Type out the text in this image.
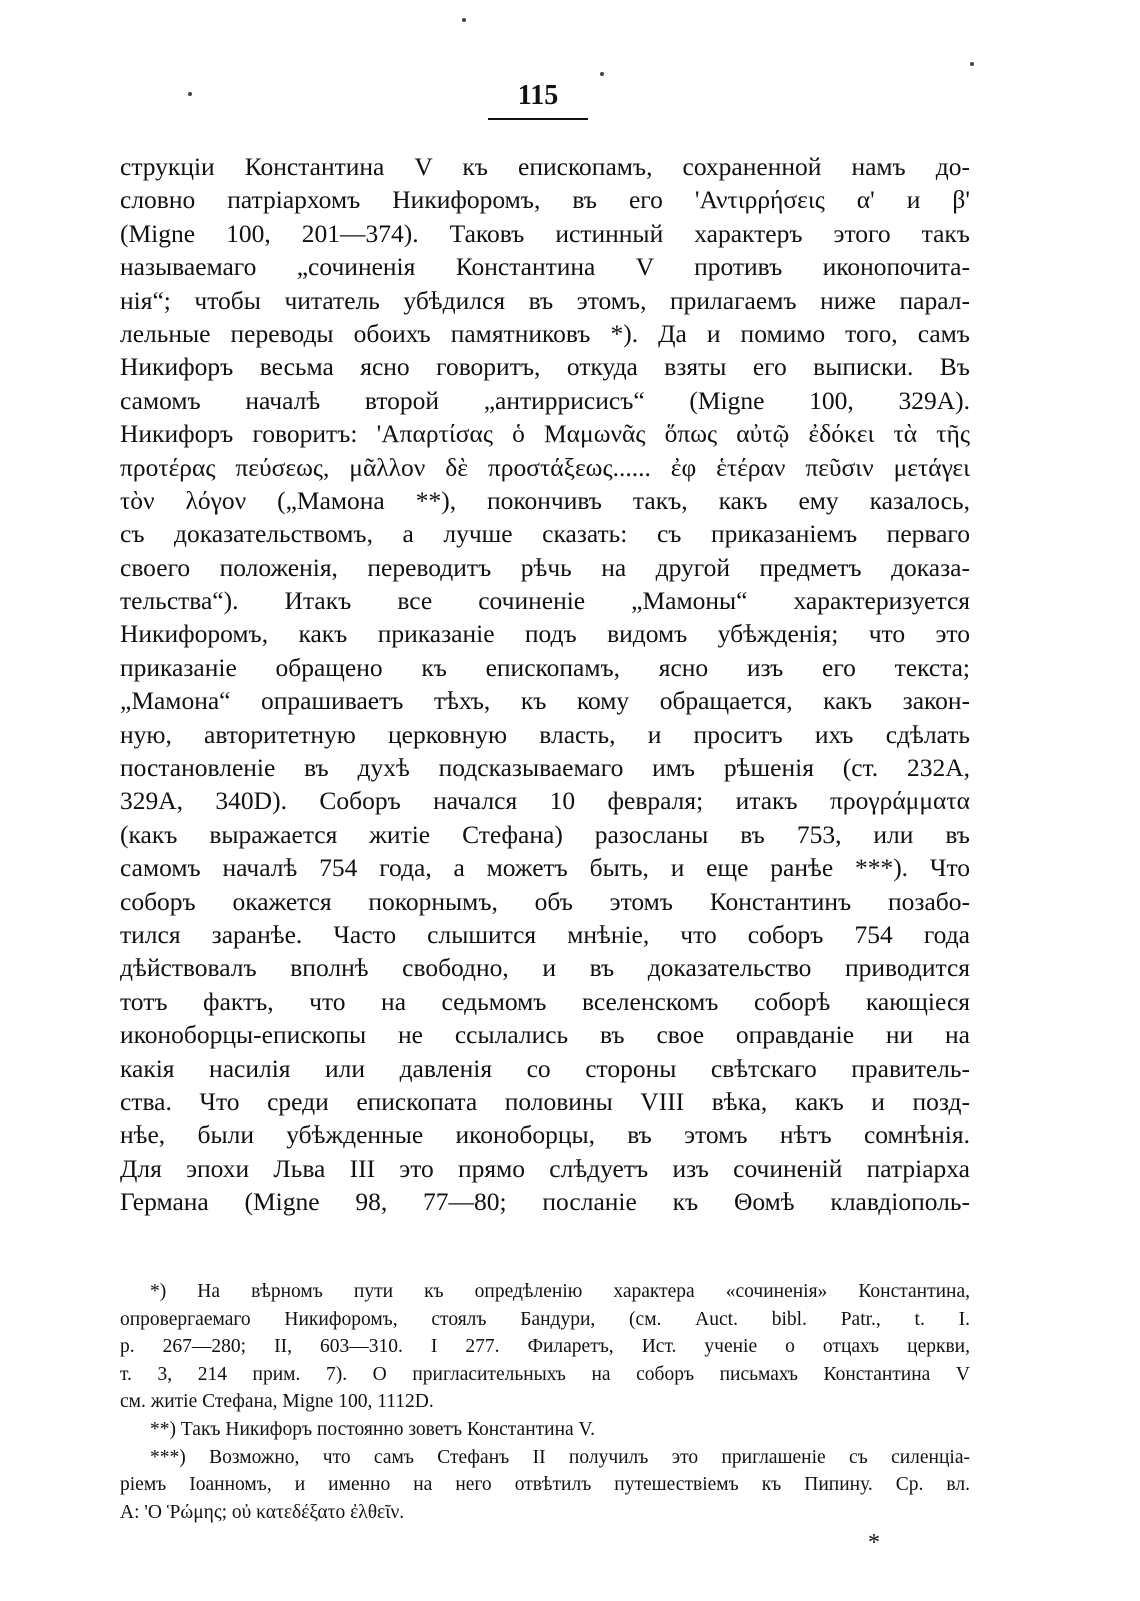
115
струкціи Константина V къ епископамъ, сохраненной намъ до-
словно патріархомъ Никифоромъ, въ его 'Αντιρρήσεις α' и β'
(Migne 100, 201—374). Таковъ истинный характеръ этого такъ
называемаго „сочиненія Константина V противъ иконопочита-
нія“; чтобы читатель убѣдился въ этомъ, прилагаемъ ниже парал-
лельные переводы обоихъ памятниковъ *). Да и помимо того, самъ
Никифоръ весьма ясно говоритъ, откуда взяты его выписки. Въ
самомъ началѣ второй „антиррисисъ“ (Migne 100, 329A).
Никифоръ говоритъ: 'Απαρτίσας ὁ Μαμωνᾶς ὅπως αὐτῷ ἐδόκει τὰ τῆς
προτέρας πεύσεως, μᾶλλον δὲ προστάξεως...... ἐφ ἑτέραν πεῦσιν μετάγει
τὸν λόγον („Мамона **), покончивъ такъ, какъ ему казалось,
съ доказательствомъ, а лучше сказать: съ приказаніемъ перваго
своего положенія, переводитъ рѣчь на другой предметъ доказа-
тельства“). Итакъ все сочиненіе „Мамоны“ характеризуется
Никифоромъ, какъ приказаніе подъ видомъ убѣжденія; что это
приказаніе обращено къ епископамъ, ясно изъ его текста;
„Мамона“ опрашиваетъ тѣхъ, къ кому обращается, какъ закон-
ную, авторитетную церковную власть, и проситъ ихъ сдѣлать
постановленіе въ духѣ подсказываемаго имъ рѣшенія (ст. 232A,
329A, 340D). Соборъ начался 10 февраля; итакъ προγράμματα
(какъ выражается житіе Стефана) разосланы въ 753, или въ
самомъ началѣ 754 года, а можетъ быть, и еще ранѣе ***). Что
соборъ окажется покорнымъ, объ этомъ Константинъ позабо-
тился заранѣе. Часто слышится мнѣніе, что соборъ 754 года
дѣйствовалъ вполнѣ свободно, и въ доказательство приводится
тотъ фактъ, что на седьмомъ вселенскомъ соборѣ кающіеся
иконоборцы-епископы не ссылались въ свое оправданіе ни на
какія насилія или давленія со стороны свѣтскаго правитель-
ства. Что среди епископата половины VIII вѣка, какъ и позд-
нѣе, были убѣжденные иконоборцы, въ этомъ нѣтъ сомнѣнія.
Для эпохи Льва III это прямо слѣдуетъ изъ сочиненій патріарха
Германа (Migne 98, 77—80; посланіе къ Θомѣ клавдіополь-
*) На вѣрномъ пути къ опредѣленію характера «сочиненія» Константина,
опровергаемаго Никифоромъ, стоялъ Бандури, (см. Auct. bibl. Patr., t. I.
p. 267—280; II, 603—310. I 277. Филаретъ, Ист. ученіе о отцахъ церкви,
т. 3, 214 прим. 7). О пригласительныхъ на соборъ письмахъ Константина V
см. житіе Стефана, Migne 100, 1112D.
**) Такъ Никифоръ постоянно зоветъ Константина V.
***) Возможно, что самъ Стефанъ II получилъ это приглашеніе съ силенціа-
ріемъ Іоанномъ, и именно на него отвѣтилъ путешествіемъ къ Пипину. Ср. вл.
A: 'Ο Ῥώμης; οὐ κατεδέξατο ἐλθεῖν.
*
